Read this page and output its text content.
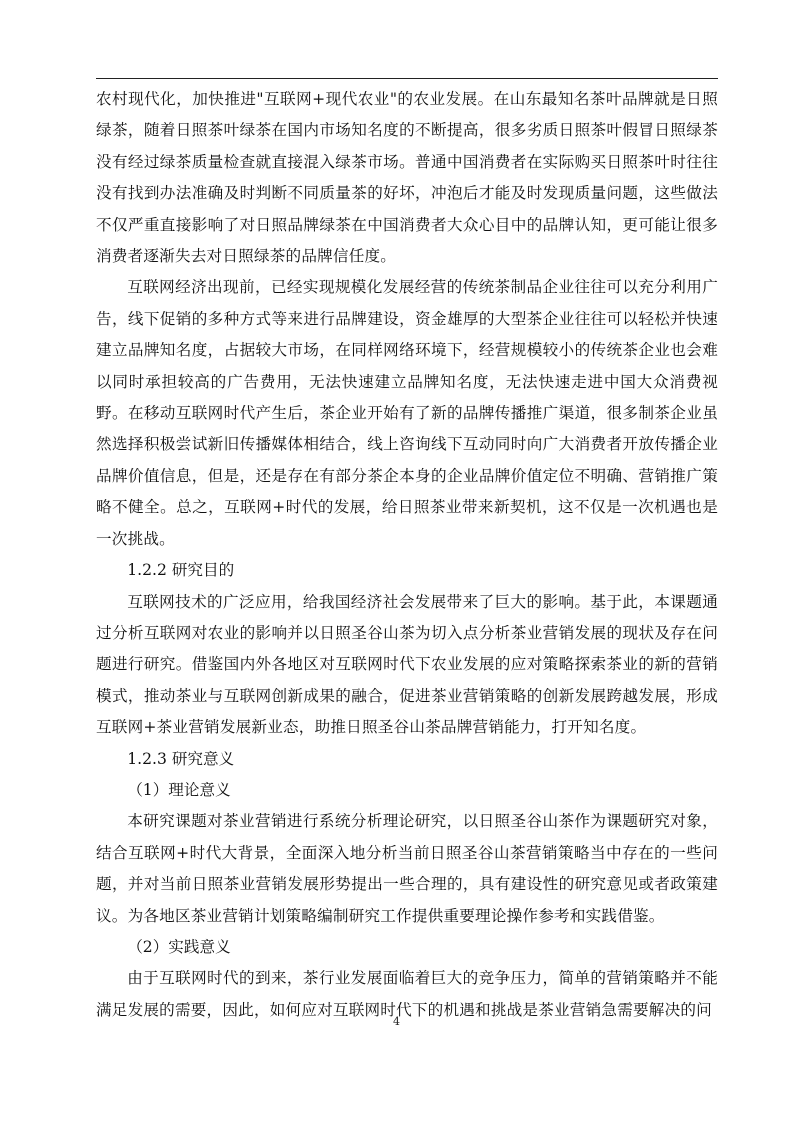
农村现代化，加快推进"互联网+现代农业"的农业发展。在山东最知名茶叶品牌就是日照绿茶，随着日照茶叶绿茶在国内市场知名度的不断提高，很多劣质日照茶叶假冒日照绿茶没有经过绿茶质量检查就直接混入绿茶市场。普通中国消费者在实际购买日照茶叶时往往没有找到办法准确及时判断不同质量茶的好坏，冲泡后才能及时发现质量问题，这些做法不仅严重直接影响了对日照品牌绿茶在中国消费者大众心目中的品牌认知，更可能让很多消费者逐渐失去对日照绿茶的品牌信任度。

互联网经济出现前，已经实现规模化发展经营的传统茶制品企业往往可以充分利用广告，线下促销的多种方式等来进行品牌建设，资金雄厚的大型茶企业往往可以轻松并快速建立品牌知名度，占据较大市场，在同样网络环境下，经营规模较小的传统茶企业也会难以同时承担较高的广告费用，无法快速建立品牌知名度，无法快速走进中国大众消费视野。在移动互联网时代产生后，茶企业开始有了新的品牌传播推广渠道，很多制茶企业虽然选择积极尝试新旧传播媒体相结合，线上咨询线下互动同时向广大消费者开放传播企业品牌价值信息，但是，还是存在有部分茶企本身的企业品牌价值定位不明确、营销推广策略不健全。总之，互联网+时代的发展，给日照茶业带来新契机，这不仅是一次机遇也是一次挑战。

1.2.2 研究目的

互联网技术的广泛应用，给我国经济社会发展带来了巨大的影响。基于此，本课题通过分析互联网对农业的影响并以日照圣谷山茶为切入点分析茶业营销发展的现状及存在问题进行研究。借鉴国内外各地区对互联网时代下农业发展的应对策略探索茶业的新的营销模式，推动茶业与互联网创新成果的融合，促进茶业营销策略的创新发展跨越发展，形成互联网+茶业营销发展新业态，助推日照圣谷山茶品牌营销能力，打开知名度。

1.2.3 研究意义

（1）理论意义

本研究课题对茶业营销进行系统分析理论研究，以日照圣谷山茶作为课题研究对象，结合互联网+时代大背景，全面深入地分析当前日照圣谷山茶营销策略当中存在的一些问题，并对当前日照茶业营销发展形势提出一些合理的，具有建设性的研究意见或者政策建议。为各地区茶业营销计划策略编制研究工作提供重要理论操作参考和实践借鉴。

（2）实践意义

由于互联网时代的到来，茶行业发展面临着巨大的竞争压力，简单的营销策略并不能满足发展的需要，因此，如何应对互联网时代下的机遇和挑战是茶业营销急需要解决的问

4
